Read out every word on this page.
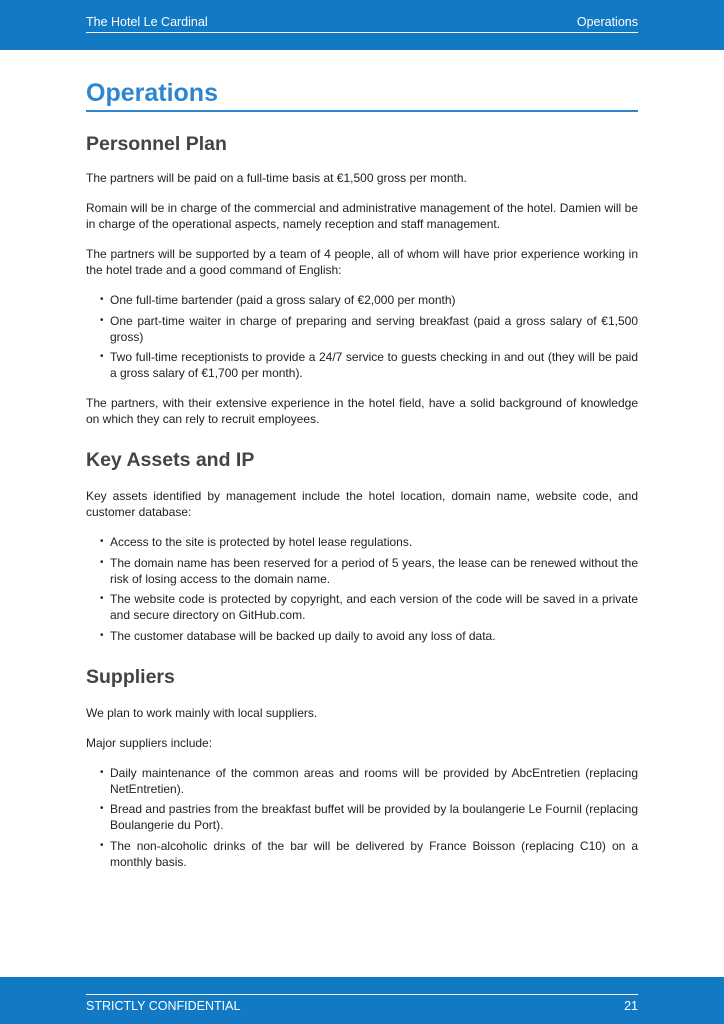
The Hotel Le Cardinal	Operations
Operations
Personnel Plan

The partners will be paid on a full-time basis at €1,500 gross per month.

Romain will be in charge of the commercial and administrative management of the hotel. Damien will be in charge of the operational aspects, namely reception and staff management.

The partners will be supported by a team of 4 people, all of whom will have prior experience working in the hotel trade and a good command of English:

• One full-time bartender (paid a gross salary of €2,000 per month)
• One part-time waiter in charge of preparing and serving breakfast (paid a gross salary of €1,500 gross)
• Two full-time receptionists to provide a 24/7 service to guests checking in and out (they will be paid a gross salary of €1,700 per month).

The partners, with their extensive experience in the hotel field, have a solid background of knowledge on which they can rely to recruit employees.

Key Assets and IP

Key assets identified by management include the hotel location, domain name, website code, and customer database:

• Access to the site is protected by hotel lease regulations.
• The domain name has been reserved for a period of 5 years, the lease can be renewed without the risk of losing access to the domain name.
• The website code is protected by copyright, and each version of the code will be saved in a private and secure directory on GitHub.com.
• The customer database will be backed up daily to avoid any loss of data.
Suppliers

We plan to work mainly with local suppliers.

Major suppliers include:

• Daily maintenance of the common areas and rooms will be provided by AbcEntretien (replacing NetEntretien).
• Bread and pastries from the breakfast buffet will be provided by la boulangerie Le Fournil (replacing Boulangerie du Port).
• The non-alcoholic drinks of the bar will be delivered by France Boisson (replacing C10) on a monthly basis.
STRICTLY CONFIDENTIAL	21
